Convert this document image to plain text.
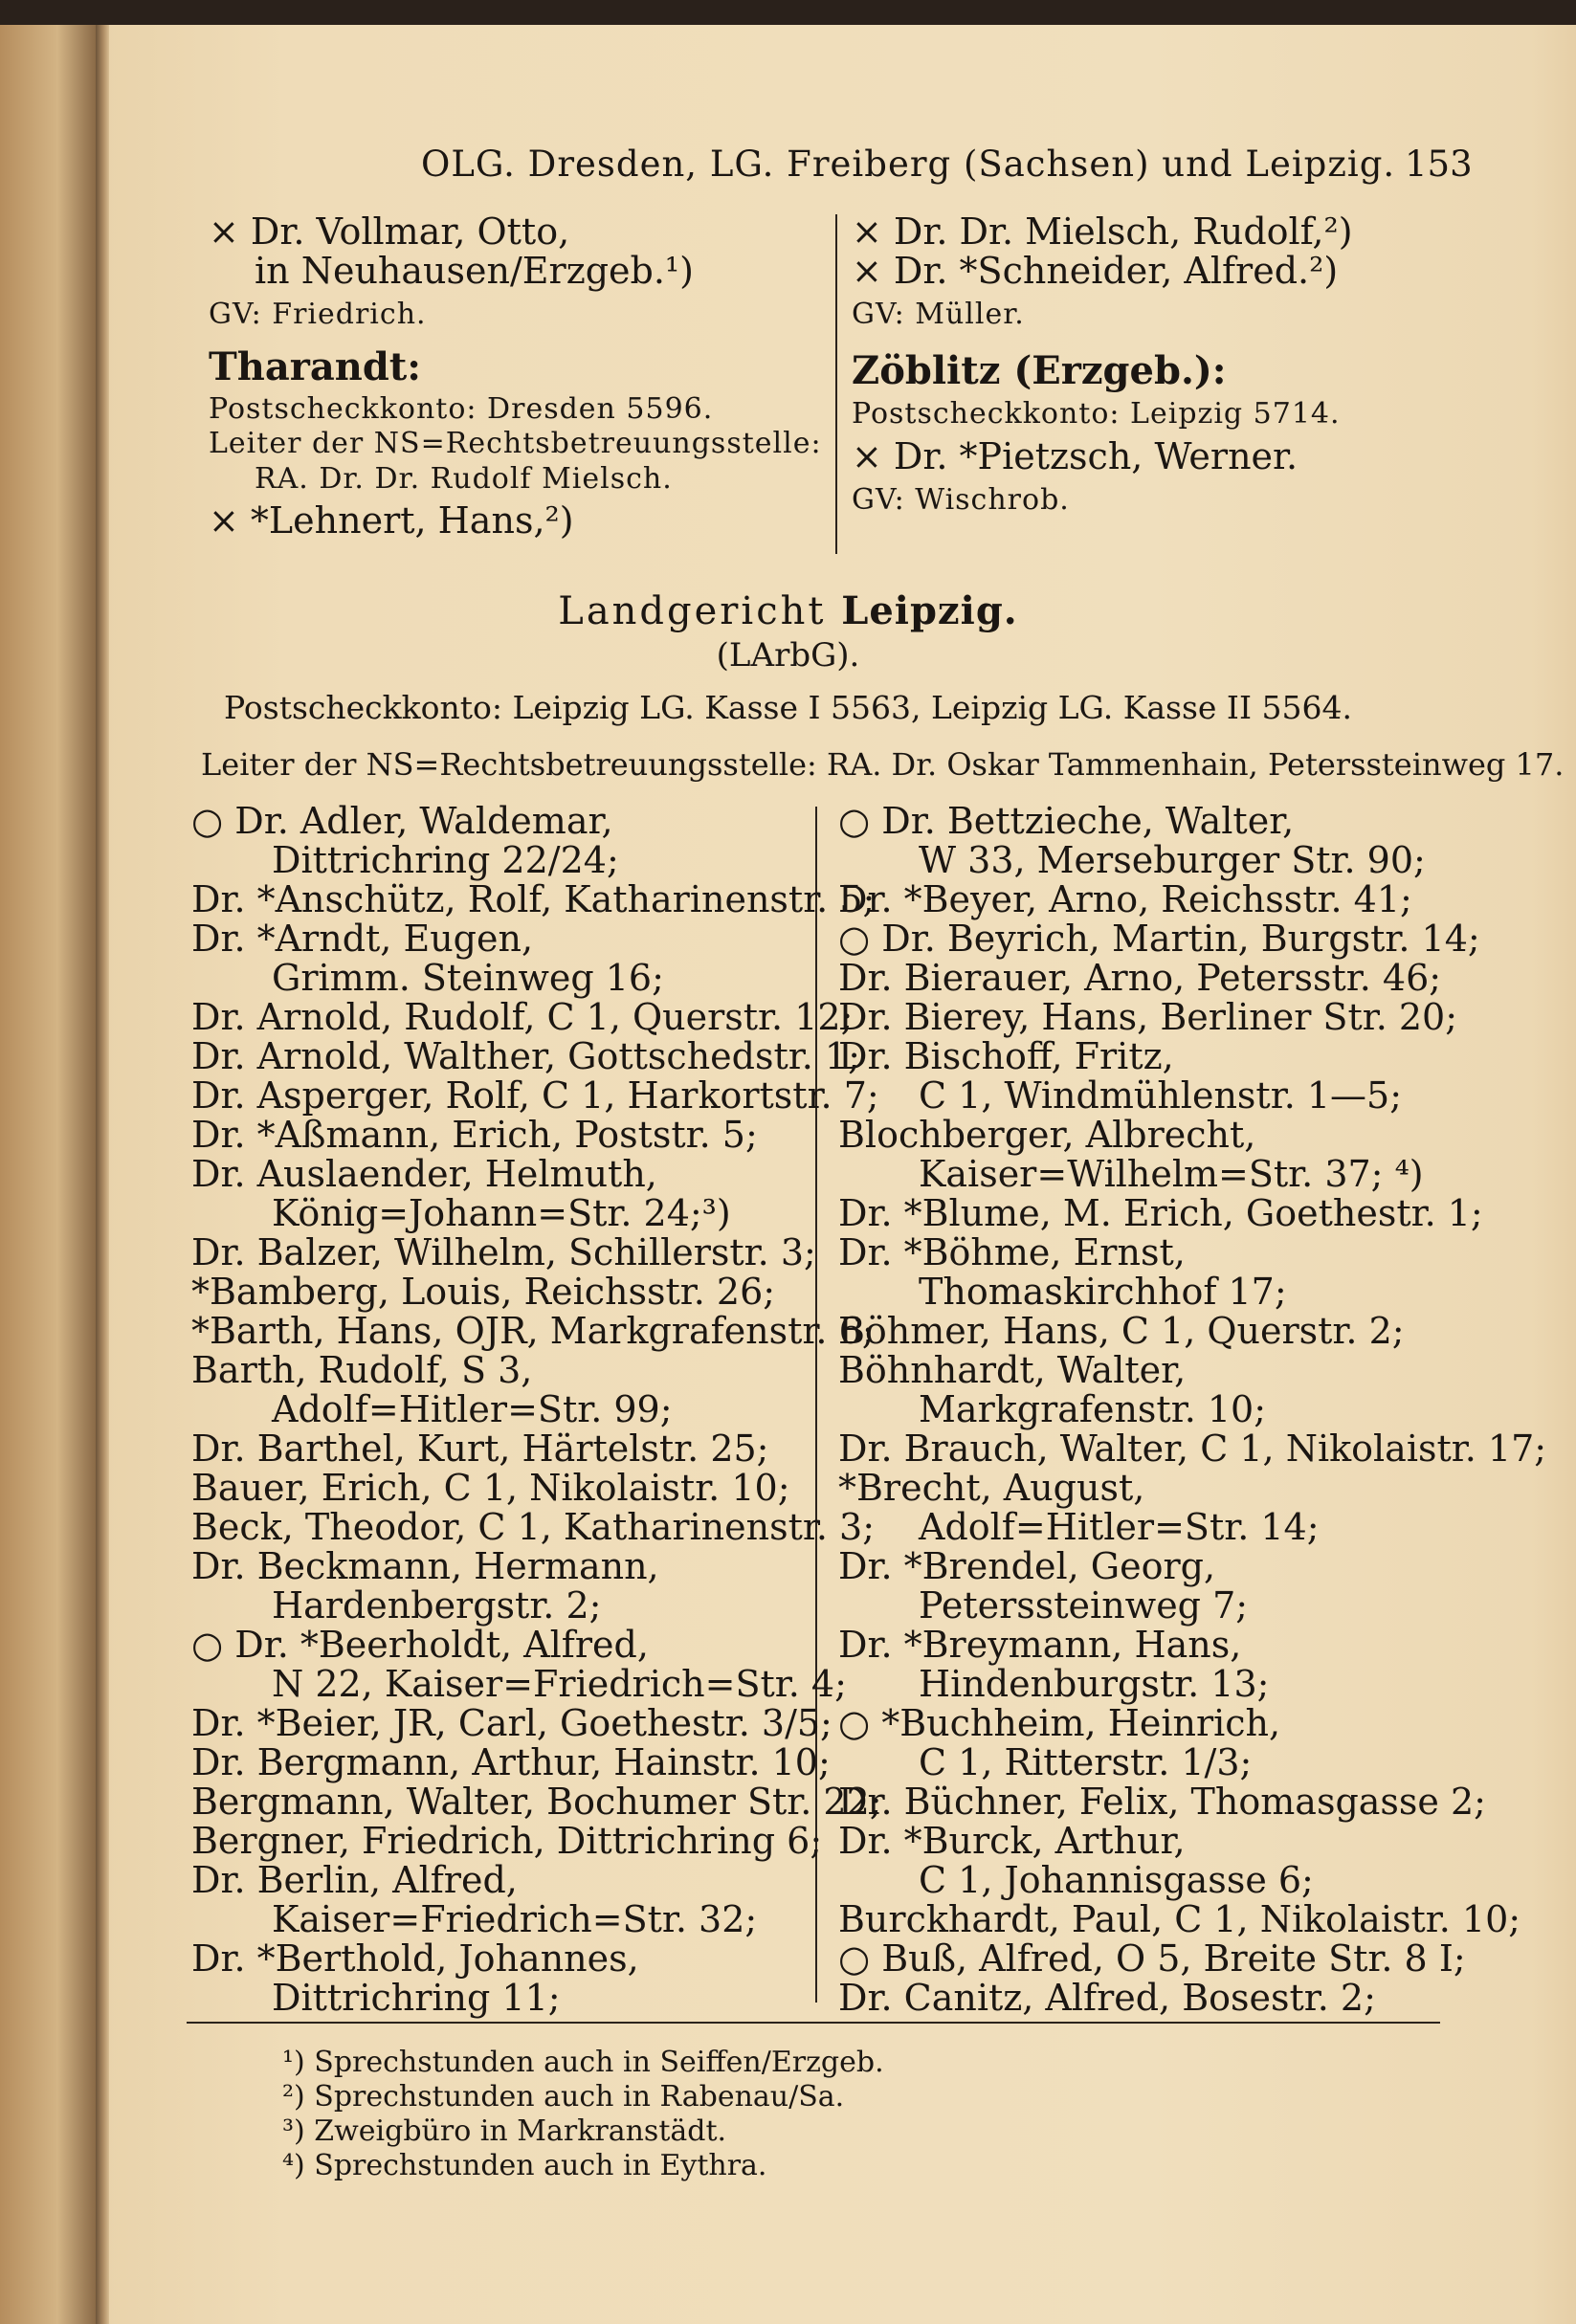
OLG. Dresden, LG. Freiberg (Sachsen) und Leipzig. 153
× Dr. Vollmar, Otto,
in Neuhausen/Erzgeb.¹)
GV: Friedrich.
Tharandt:
Postscheckkonto: Dresden 5596.
Leiter der NS=Rechtsbetreuungsstelle:
RA. Dr. Dr. Rudolf Mielsch.
× *Lehnert, Hans,²)
× Dr. Dr. Mielsch, Rudolf,²)
× Dr. *Schneider, Alfred.²)
GV: Müller.
Zöblitz (Erzgeb.):
Postscheckkonto: Leipzig 5714.
× Dr. *Pietzsch, Werner.
GV: Wischrob.
Landgericht Leipzig.
(LArbG).
Postscheckkonto: Leipzig LG. Kasse I 5563, Leipzig LG. Kasse II 5564.
Leiter der NS=Rechtsbetreuungsstelle: RA. Dr. Oskar Tammenhain, Peterssteinweg 17.
○ Dr. Adler, Waldemar,
Dittrichring 22/24;
Dr. *Anschütz, Rolf, Katharinenstr. 5;
Dr. *Arndt, Eugen,
Grimm. Steinweg 16;
Dr. Arnold, Rudolf, C 1, Querstr. 12;
Dr. Arnold, Walther, Gottschedstr. 1;
Dr. Asperger, Rolf, C 1, Harkortstr. 7;
Dr. *Aßmann, Erich, Poststr. 5;
Dr. Auslaender, Helmuth,
König=Johann=Str. 24;³)
Dr. Balzer, Wilhelm, Schillerstr. 3;
*Bamberg, Louis, Reichsstr. 26;
*Barth, Hans, OJR, Markgrafenstr. 6;
Barth, Rudolf, S 3,
Adolf=Hitler=Str. 99;
Dr. Barthel, Kurt, Härtelstr. 25;
Bauer, Erich, C 1, Nikolaistr. 10;
Beck, Theodor, C 1, Katharinenstr. 3;
Dr. Beckmann, Hermann,
Hardenbergstr. 2;
○ Dr. *Beerholdt, Alfred,
N 22, Kaiser=Friedrich=Str. 4;
Dr. *Beier, JR, Carl, Goethestr. 3/5;
Dr. Bergmann, Arthur, Hainstr. 10;
Bergmann, Walter, Bochumer Str. 22;
Bergner, Friedrich, Dittrichring 6;
Dr. Berlin, Alfred,
Kaiser=Friedrich=Str. 32;
Dr. *Berthold, Johannes,
Dittrichring 11;
○ Dr. Bettzieche, Walter,
W 33, Merseburger Str. 90;
Dr. *Beyer, Arno, Reichsstr. 41;
○ Dr. Beyrich, Martin, Burgstr. 14;
Dr. Bierauer, Arno, Petersstr. 46;
Dr. Bierey, Hans, Berliner Str. 20;
Dr. Bischoff, Fritz,
C 1, Windmühlenstr. 1—5;
Blochberger, Albrecht,
Kaiser=Wilhelm=Str. 37; ⁴)
Dr. *Blume, M. Erich, Goethestr. 1;
Dr. *Böhme, Ernst,
Thomaskirchhof 17;
Böhmer, Hans, C 1, Querstr. 2;
Böhnhardt, Walter,
Markgrafenstr. 10;
Dr. Brauch, Walter, C 1, Nikolaistr. 17;
*Brecht, August,
Adolf=Hitler=Str. 14;
Dr. *Brendel, Georg,
Peterssteinweg 7;
Dr. *Breymann, Hans,
Hindenburgstr. 13;
○ *Buchheim, Heinrich,
C 1, Ritterstr. 1/3;
Dr. Büchner, Felix, Thomasgasse 2;
Dr. *Burck, Arthur,
C 1, Johannisgasse 6;
Burckhardt, Paul, C 1, Nikolaistr. 10;
○ Buß, Alfred, O 5, Breite Str. 8 I;
Dr. Canitz, Alfred, Bosestr. 2;
¹) Sprechstunden auch in Seiffen/Erzgeb.
²) Sprechstunden auch in Rabenau/Sa.
³) Zweigbüro in Markranstädt.
⁴) Sprechstunden auch in Eythra.
